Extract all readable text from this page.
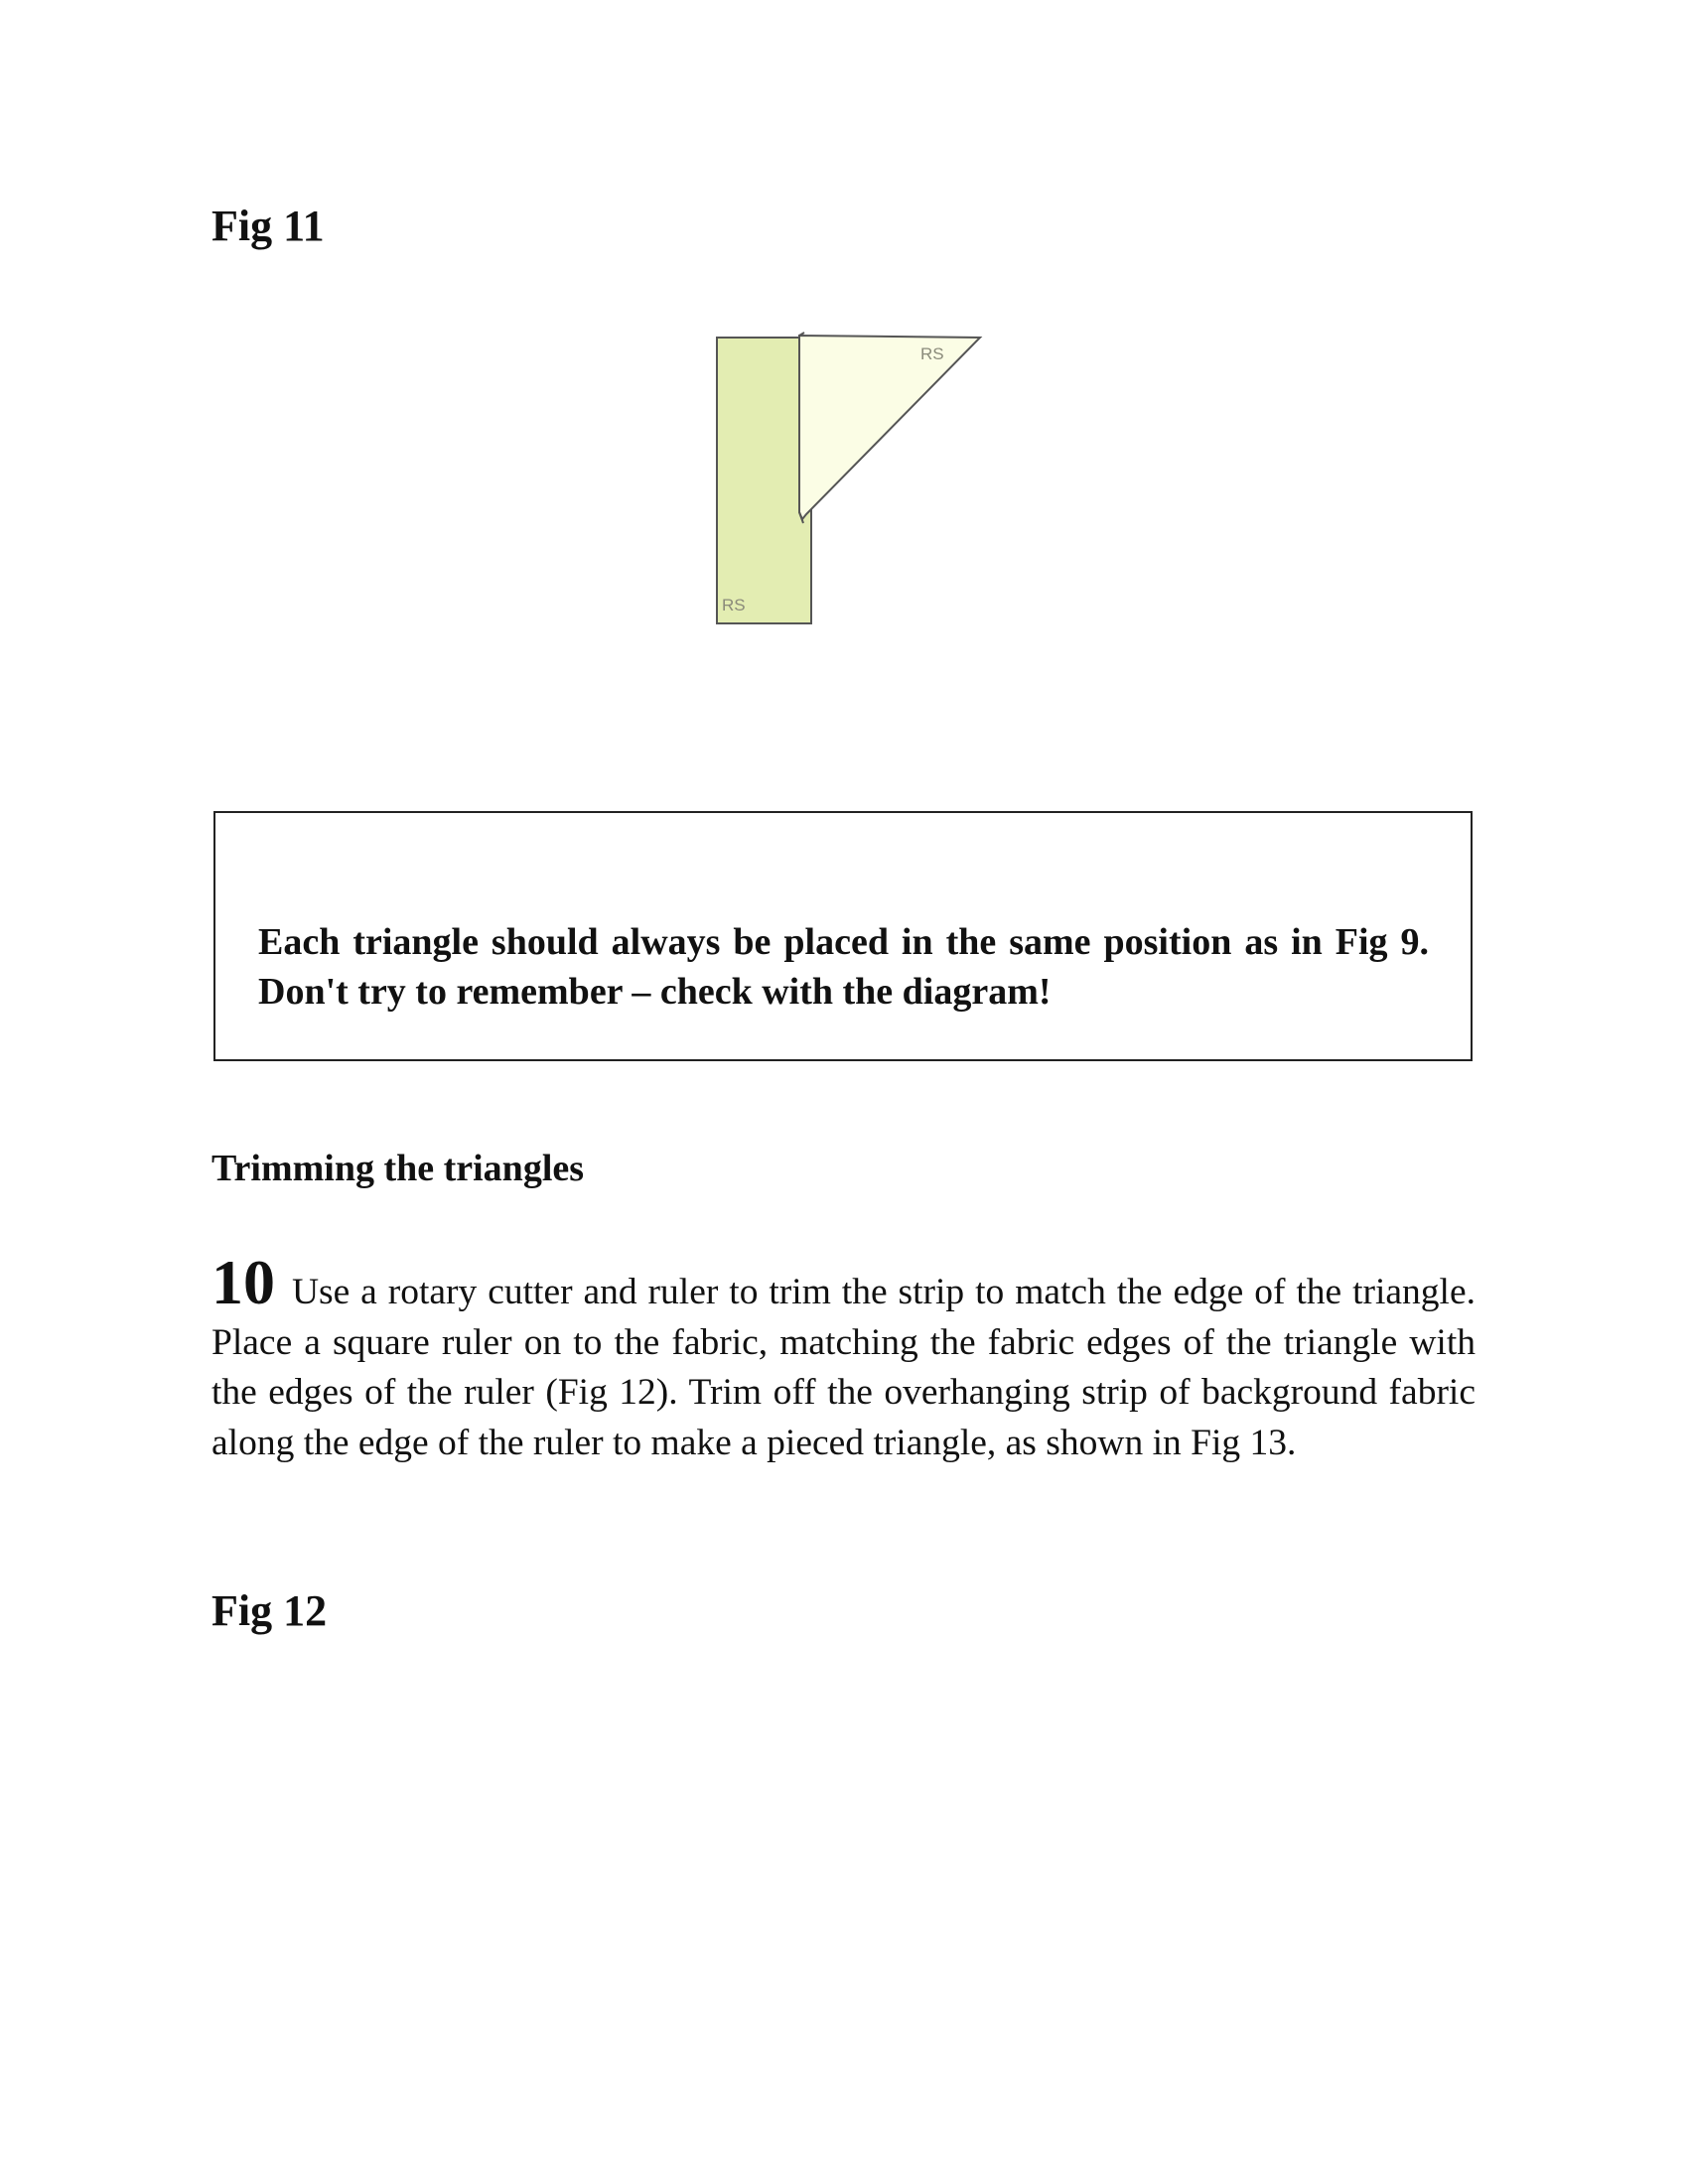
Fig 11
RS
RS

Each triangle should always be placed in the same position as in Fig 9. Don't try to remember – check with the diagram!

Trimming the triangles

10 Use a rotary cutter and ruler to trim the strip to match the edge of the triangle. Place a square ruler on to the fabric, matching the fabric edges of the triangle with the edges of the ruler (Fig 12). Trim off the overhanging strip of background fabric along the edge of the ruler to make a pieced triangle, as shown in Fig 13.

Fig 12
